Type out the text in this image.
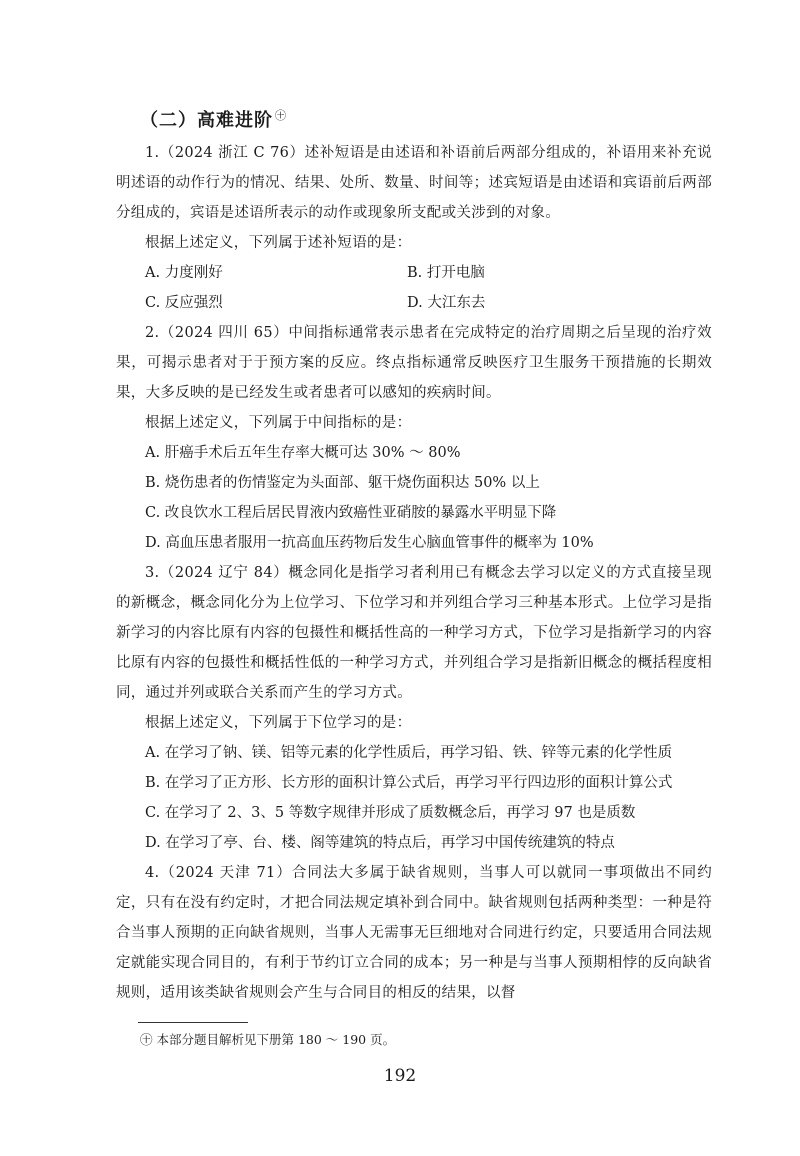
（二）高难进阶 $^㊉$

1.（2024 浙江 C 76）述补短语是由述语和补语前后两部分组成的，补语用来补充说明述语的动作行为的情况、结果、处所、数量、时间等；述宾短语是由述语和宾语前后两部分组成的，宾语是述语所表示的动作或现象所支配或关涉到的对象。

根据上述定义，下列属于述补短语的是：

A. 力度刚好	B. 打开电脑
C. 反应强烈	D. 大江东去

2.（2024 四川 65）中间指标通常表示患者在完成特定的治疗周期之后呈现的治疗效果，可揭示患者对于于预方案的反应。终点指标通常反映医疗卫生服务干预措施的长期效果，大多反映的是已经发生或者患者可以感知的疾病时间。

根据上述定义，下列属于中间指标的是：

A. 肝癌手术后五年生存率大概可达 30% ～ 80%
B. 烧伤患者的伤情鉴定为头面部、躯干烧伤面积达 50% 以上
C. 改良饮水工程后居民胃液内致癌性亚硝胺的暴露水平明显下降
D. 高血压患者服用一抗高血压药物后发生心脑血管事件的概率为 10%

3.（2024 辽宁 84）概念同化是指学习者利用已有概念去学习以定义的方式直接呈现的新概念，概念同化分为上位学习、下位学习和并列组合学习三种基本形式。上位学习是指新学习的内容比原有内容的包摄性和概括性高的一种学习方式，下位学习是指新学习的内容比原有内容的包摄性和概括性低的一种学习方式，并列组合学习是指新旧概念的概括程度相同，通过并列或联合关系而产生的学习方式。

根据上述定义，下列属于下位学习的是：

A. 在学习了钠、镁、铝等元素的化学性质后，再学习铅、铁、锌等元素的化学性质
B. 在学习了正方形、长方形的面积计算公式后，再学习平行四边形的面积计算公式
C. 在学习了 2、3、5 等数字规律并形成了质数概念后，再学习 97 也是质数
D. 在学习了亭、台、楼、阁等建筑的特点后，再学习中国传统建筑的特点

4.（2024 天津 71）合同法大多属于缺省规则，当事人可以就同一事项做出不同约定，只有在没有约定时，才把合同法规定填补到合同中。缺省规则包括两种类型：一种是符合当事人预期的正向缺省规则，当事人无需事无巨细地对合同进行约定，只要适用合同法规定就能实现合同目的，有利于节约订立合同的成本；另一种是与当事人预期相悖的反向缺省规则，适用该类缺省规则会产生与合同目的相反的结果，以督

㊉ 本部分题目解析见下册第 180 ～ 190 页。
192
